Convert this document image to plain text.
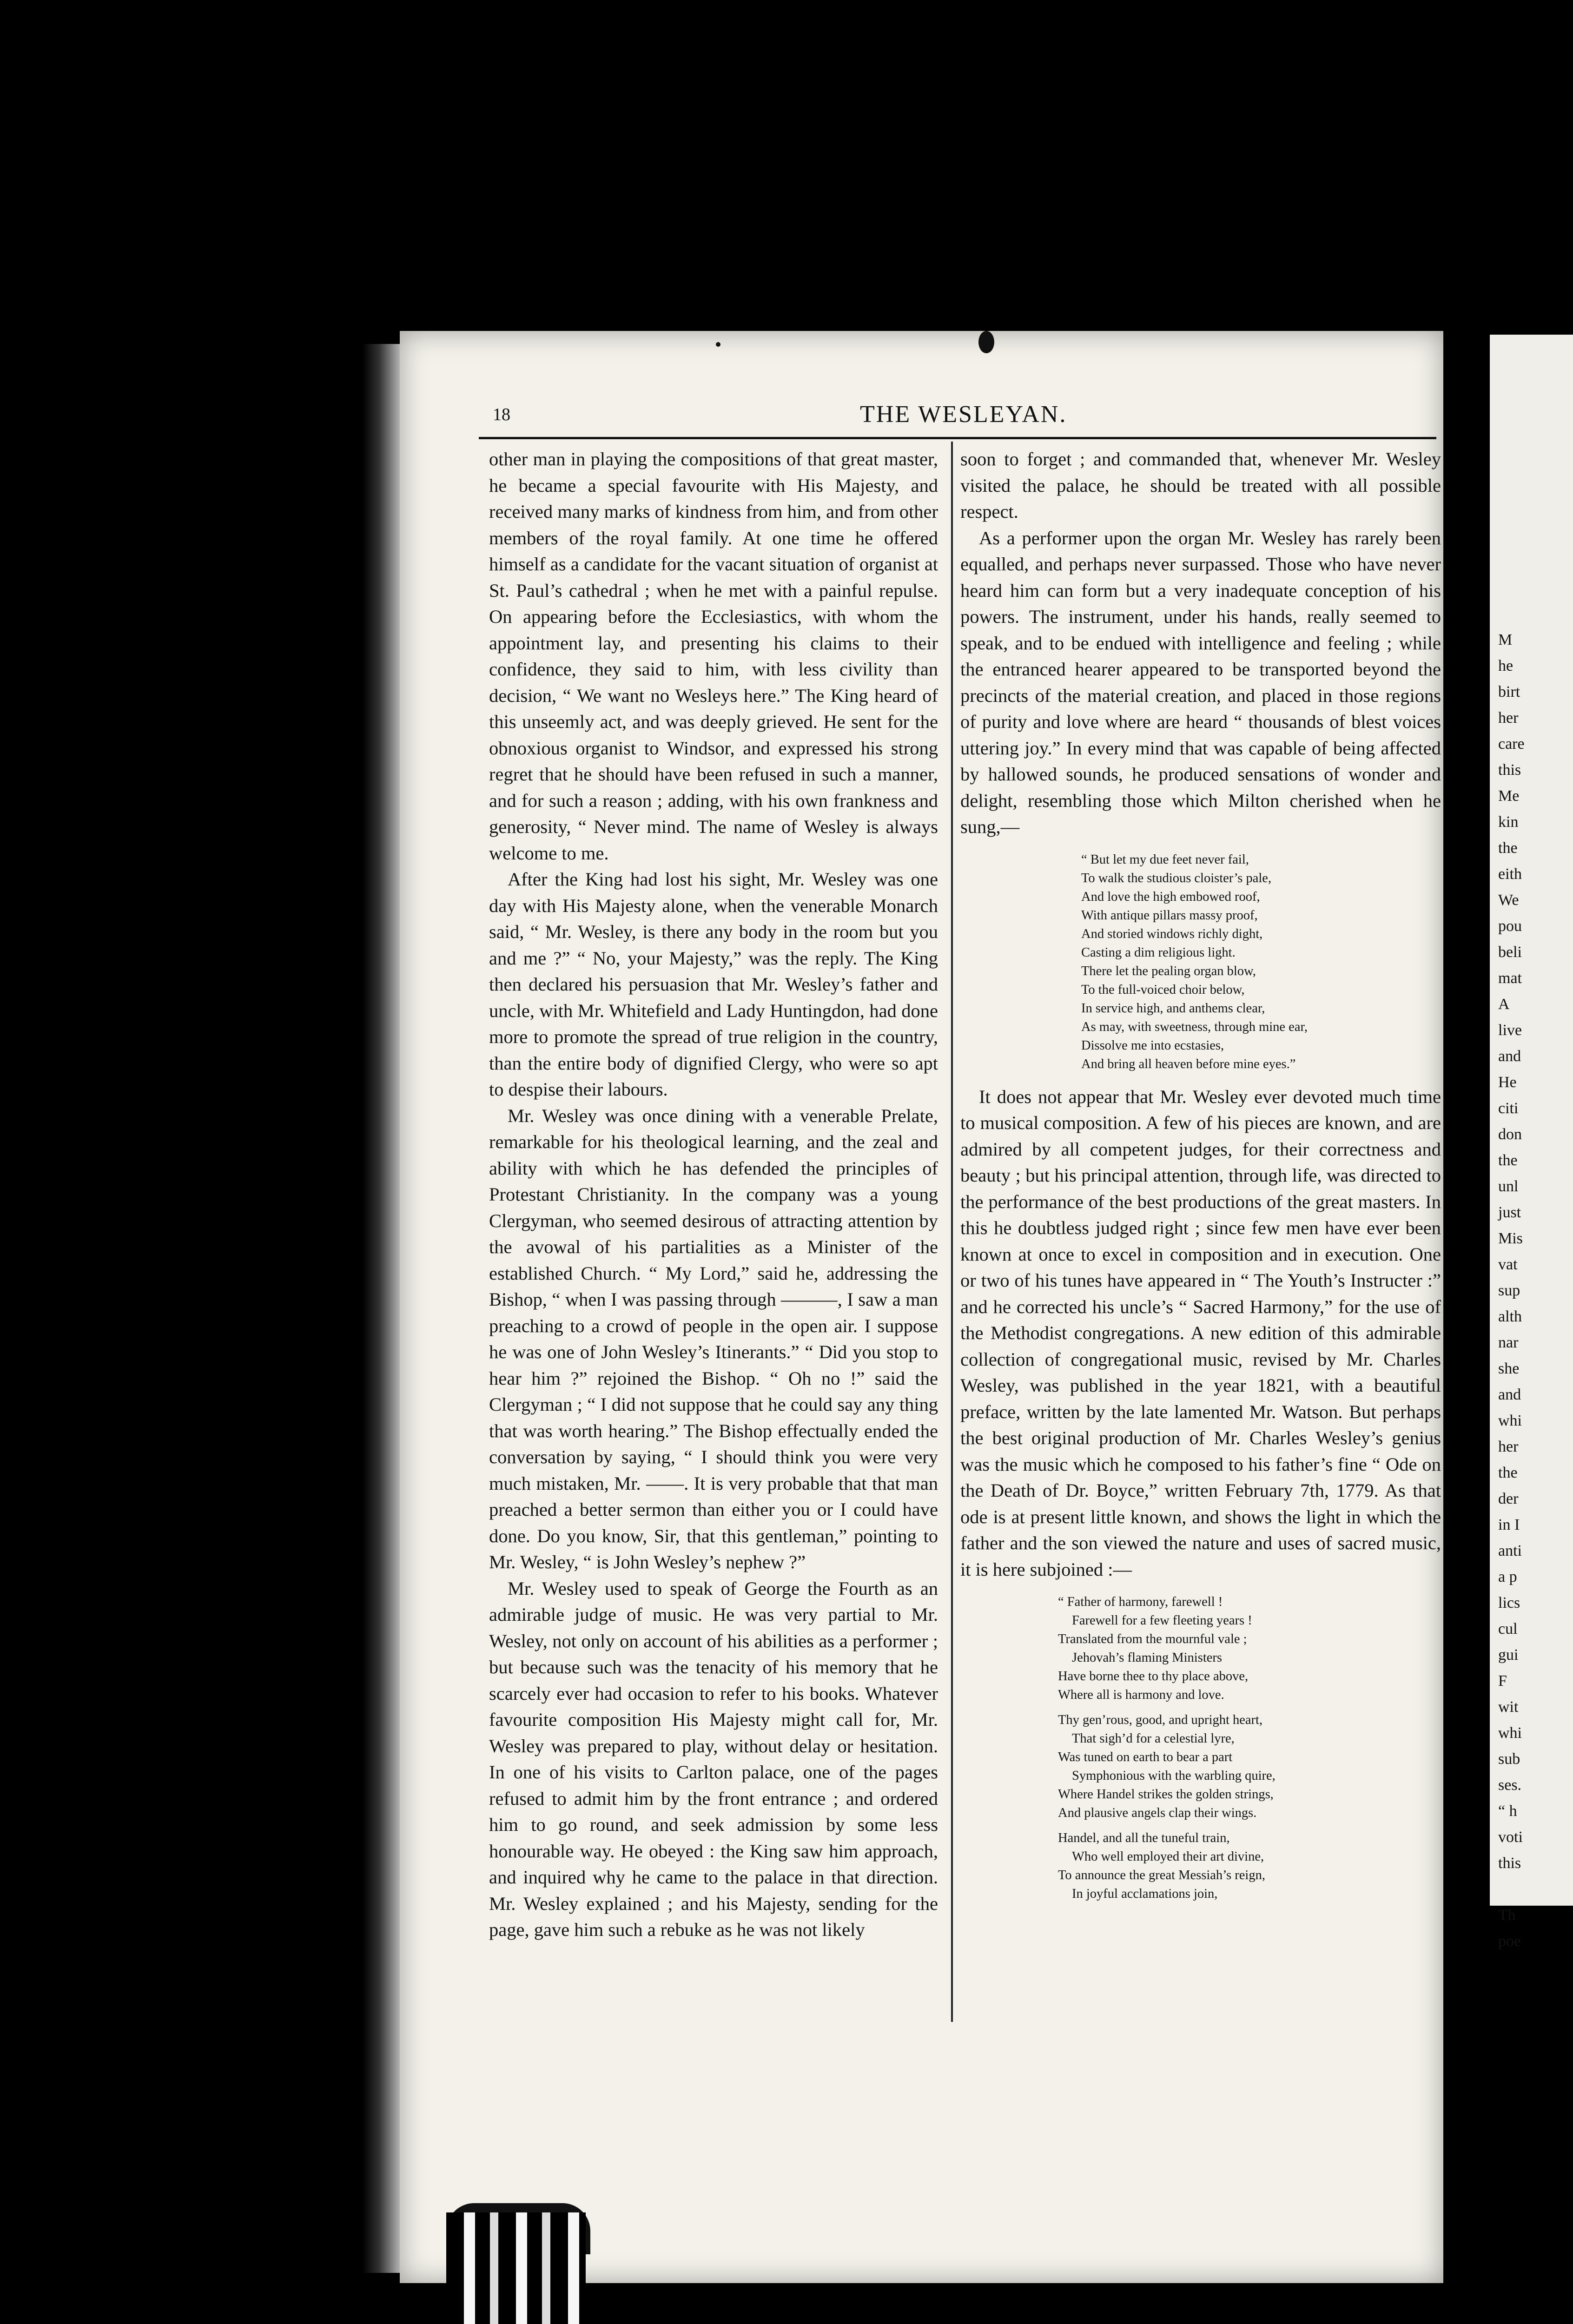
M
he
birt
her
care
this
Me
kin
the
eith
We
pou
beli
mat
A
live
and
He
citi
don
the
unl
just
Mis
vat
sup
alth
nar
she
and
whi
her
the
der
in I
anti
a p
lics
cul
gui
F
wit
whi
sub
ses.
“ h
voti
this
Th
poe
18	THE WESLEYAN.

other man in playing the compositions of that great master, he became a special favourite with His Majesty, and received many marks of kindness from him, and from other members of the royal family. At one time he offered himself as a candidate for the vacant situation of organist at St. Paul’s cathedral ; when he met with a painful repulse. On appearing before the Ecclesiastics, with whom the appointment lay, and presenting his claims to their confidence, they said to him, with less civility than decision, “ We want no Wesleys here.” The King heard of this unseemly act, and was deeply grieved. He sent for the obnoxious organist to Windsor, and expressed his strong regret that he should have been refused in such a manner, and for such a reason ; adding, with his own frankness and generosity, “ Never mind. The name of Wesley is always welcome to me.

After the King had lost his sight, Mr. Wesley was one day with His Majesty alone, when the venerable Monarch said, “ Mr. Wesley, is there any body in the room but you and me ?” “ No, your Majesty,” was the reply. The King then declared his persuasion that Mr. Wesley’s father and uncle, with Mr. Whitefield and Lady Huntingdon, had done more to promote the spread of true religion in the country, than the entire body of dignified Clergy, who were so apt to despise their labours.

Mr. Wesley was once dining with a venerable Prelate, remarkable for his theological learning, and the zeal and ability with which he has defended the principles of Protestant Christianity. In the company was a young Clergyman, who seemed desirous of attracting attention by the avowal of his partialities as a Minister of the established Church. “ My Lord,” said he, addressing the Bishop, “ when I was passing through ———, I saw a man preaching to a crowd of people in the open air. I suppose he was one of John Wesley’s Itinerants.” “ Did you stop to hear him ?” rejoined the Bishop. “ Oh no !” said the Clergyman ; “ I did not suppose that he could say any thing that was worth hearing.” The Bishop effectually ended the conversation by saying, “ I should think you were very much mistaken, Mr. ——. It is very probable that that man preached a better sermon than either you or I could have done. Do you know, Sir, that this gentleman,” pointing to Mr. Wesley, “ is John Wesley’s nephew ?”

Mr. Wesley used to speak of George the Fourth as an admirable judge of music. He was very partial to Mr. Wesley, not only on account of his abilities as a performer ; but because such was the tenacity of his memory that he scarcely ever had occasion to refer to his books. Whatever favourite composition His Majesty might call for, Mr. Wesley was prepared to play, without delay or hesitation. In one of his visits to Carlton palace, one of the pages refused to admit him by the front entrance ; and ordered him to go round, and seek admission by some less honourable way. He obeyed : the King saw him approach, and inquired why he came to the palace in that direction. Mr. Wesley explained ; and his Majesty, sending for the page, gave him such a rebuke as he was not likely

soon to forget ; and commanded that, whenever Mr. Wesley visited the palace, he should be treated with all possible respect.

As a performer upon the organ Mr. Wesley has rarely been equalled, and perhaps never surpassed. Those who have never heard him can form but a very inadequate conception of his powers. The instrument, under his hands, really seemed to speak, and to be endued with intelligence and feeling ; while the entranced hearer appeared to be transported beyond the precincts of the material creation, and placed in those regions of purity and love where are heard “ thousands of blest voices uttering joy.” In every mind that was capable of being affected by hallowed sounds, he produced sensations of wonder and delight, resembling those which Milton cherished when he sung,—

“ But let my due feet never fail,
To walk the studious cloister’s pale,
And love the high embowed roof,
With antique pillars massy proof,
And storied windows richly dight,
Casting a dim religious light.
There let the pealing organ blow,
To the full-voiced choir below,
In service high, and anthems clear,
As may, with sweetness, through mine ear,
Dissolve me into ecstasies,
And bring all heaven before mine eyes.”

It does not appear that Mr. Wesley ever devoted much time to musical composition. A few of his pieces are known, and are admired by all competent judges, for their correctness and beauty ; but his principal attention, through life, was directed to the performance of the best productions of the great masters. In this he doubtless judged right ; since few men have ever been known at once to excel in composition and in execution. One or two of his tunes have appeared in “ The Youth’s Instructer :” and he corrected his uncle’s “ Sacred Harmony,” for the use of the Methodist congregations. A new edition of this admirable collection of congregational music, revised by Mr. Charles Wesley, was published in the year 1821, with a beautiful preface, written by the late lamented Mr. Watson. But perhaps the best original production of Mr. Charles Wesley’s genius was the music which he composed to his father’s fine “ Ode on the Death of Dr. Boyce,” written February 7th, 1779. As that ode is at present little known, and shows the light in which the father and the son viewed the nature and uses of sacred music, it is here subjoined :—

“ Father of harmony, farewell !
Farewell for a few fleeting years !
Translated from the mournful vale ;
Jehovah’s flaming Ministers
Have borne thee to thy place above,
Where all is harmony and love.
Thy gen’rous, good, and upright heart,
That sigh’d for a celestial lyre,
Was tuned on earth to bear a part
Symphonious with the warbling quire,
Where Handel strikes the golden strings,
And plausive angels clap their wings.
Handel, and all the tuneful train,
Who well employed their art divine,
To announce the great Messiah’s reign,
In joyful acclamations join,
